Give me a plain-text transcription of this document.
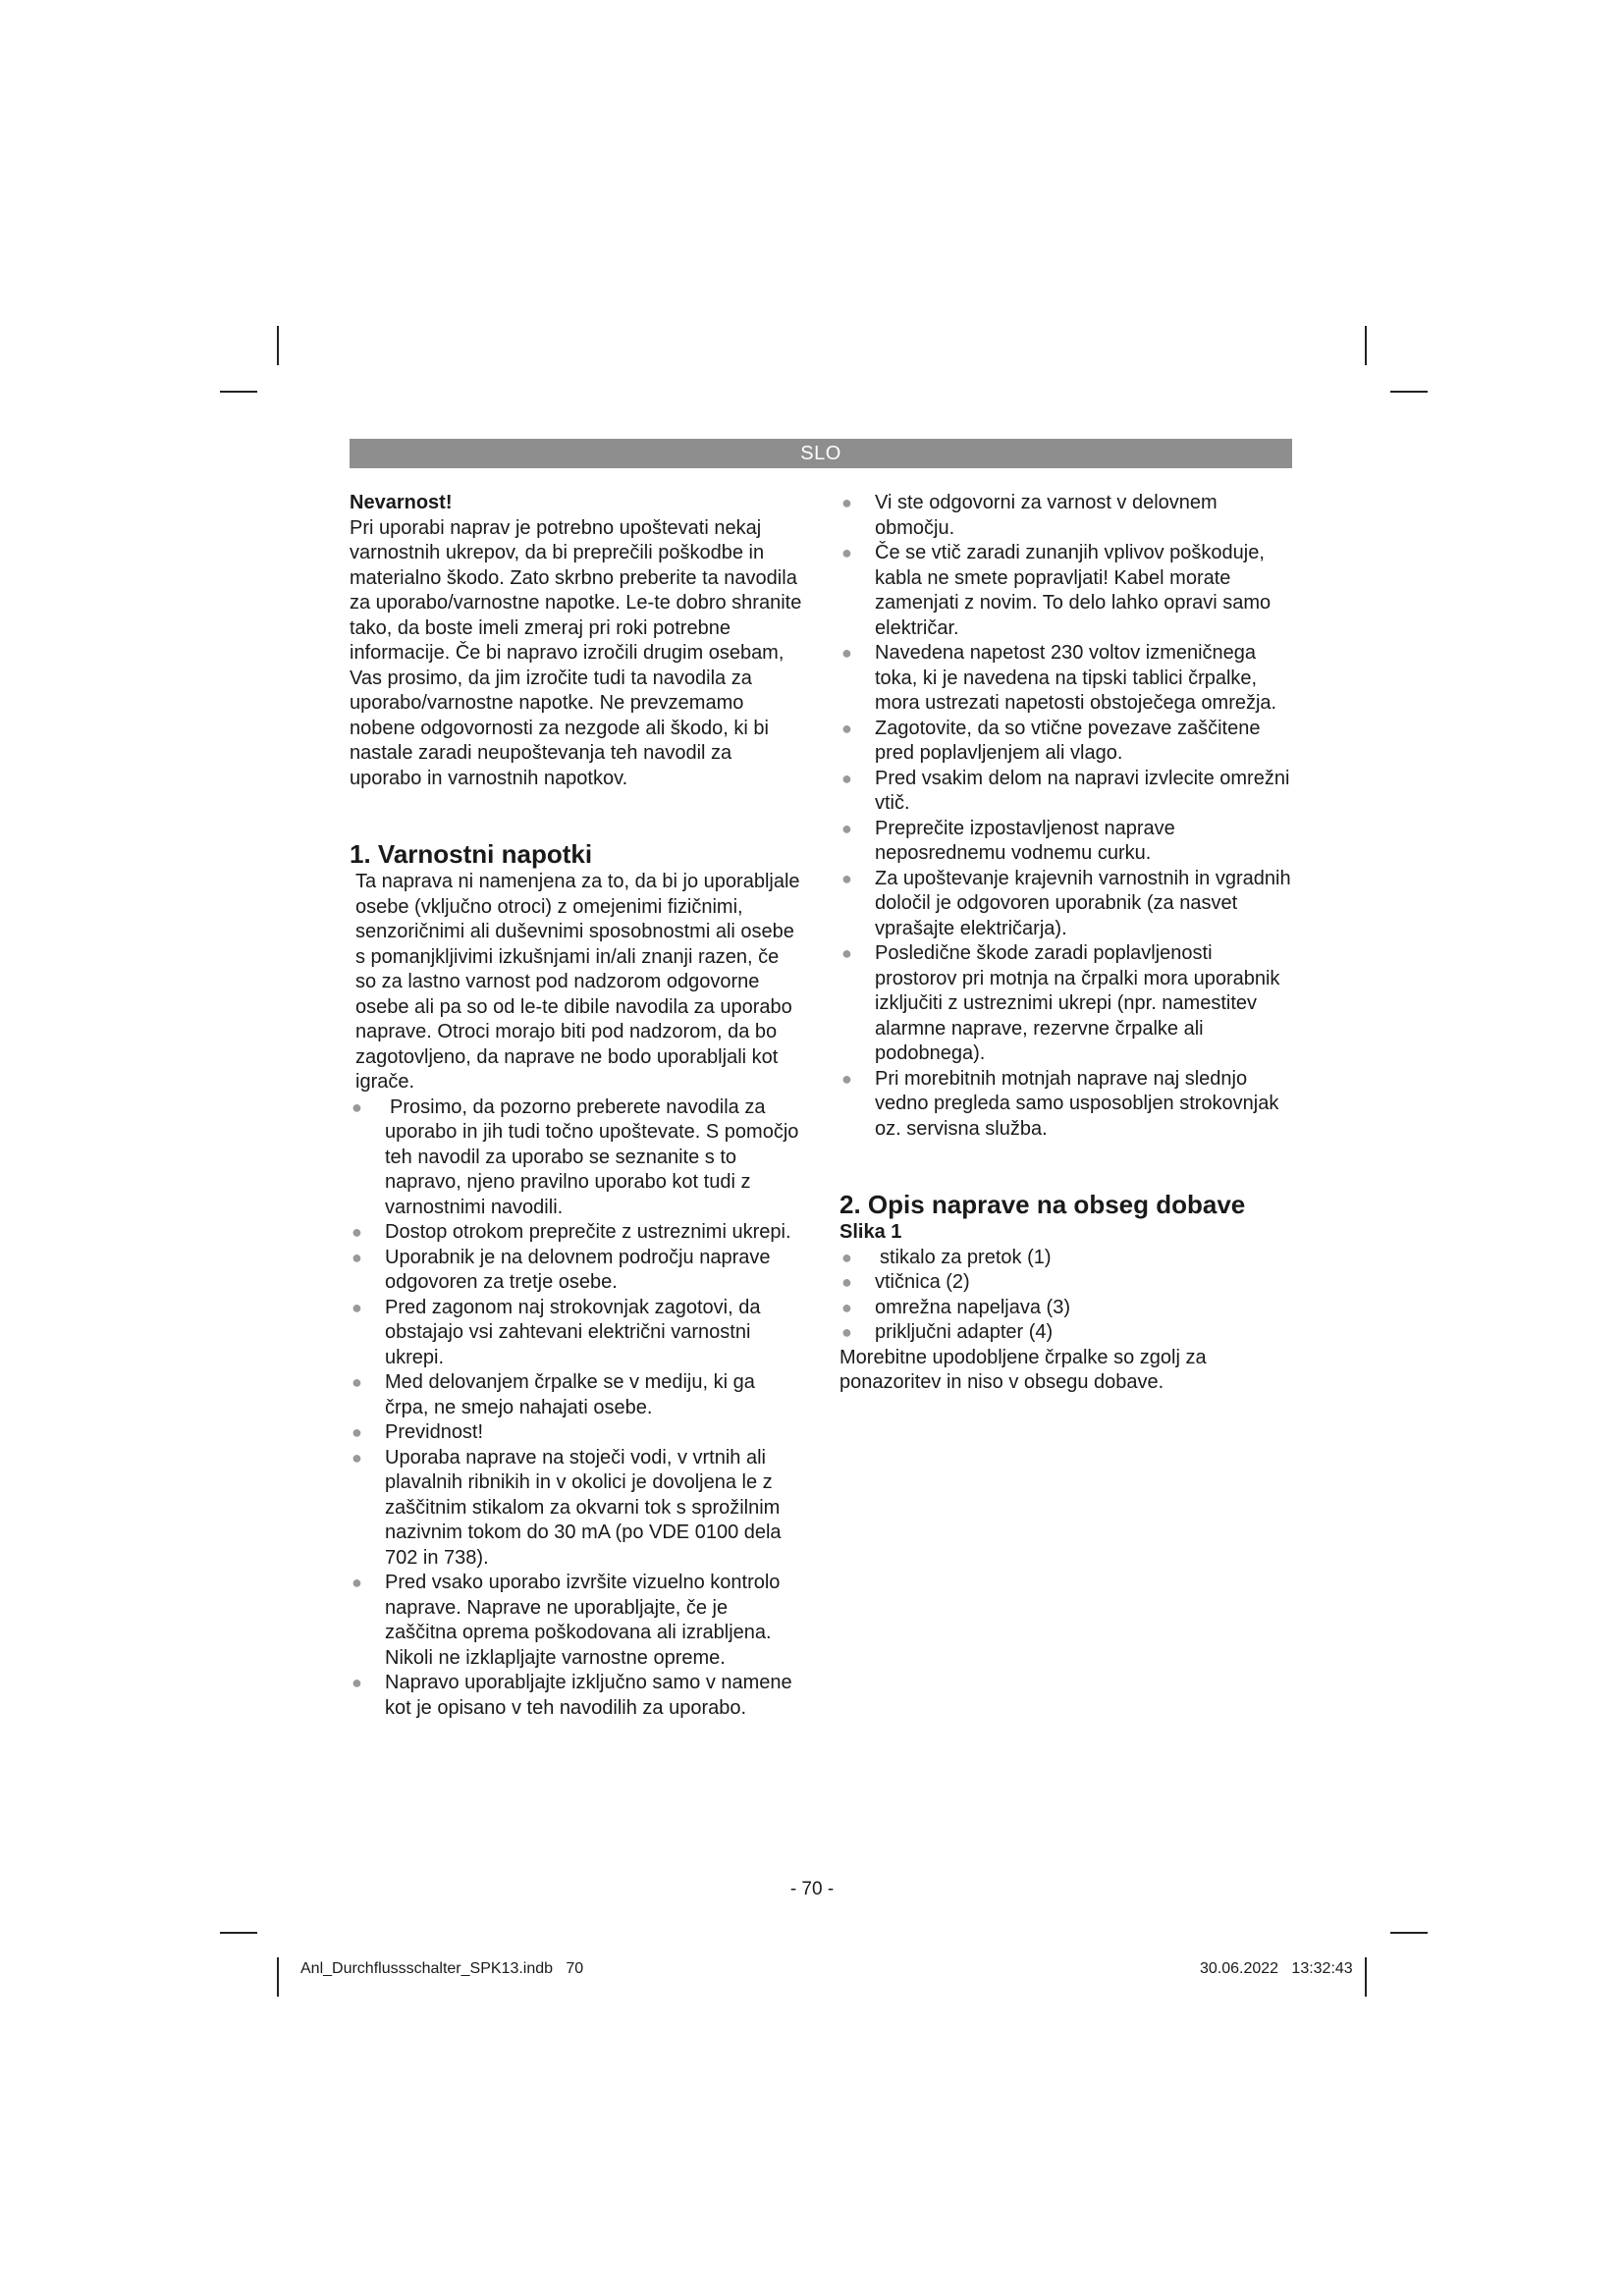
SLO

Nevarnost!

Pri uporabi naprav je potrebno upoštevati nekaj varnostnih ukrepov, da bi preprečili poškodbe in materialno škodo. Zato skrbno preberite ta navodila za uporabo/varnostne napotke. Le-te dobro shranite tako, da boste imeli zmeraj pri roki potrebne informacije. Če bi napravo izročili drugim osebam, Vas prosimo, da jim izročite tudi ta navodila za uporabo/varnostne napotke. Ne prevzemamo nobene odgovornosti za nezgode ali škodo, ki bi nastale zaradi neupoštevanja teh navodil za uporabo in varnostnih napotkov.

1. Varnostni napotki

Ta naprava ni namenjena za to, da bi jo uporabljale osebe (vključno otroci) z omejenimi fizičnimi, senzoričnimi ali duševnimi sposobnostmi ali osebe s pomanjkljivimi izkušnjami in/ali znanji razen, če so za lastno varnost pod nadzorom odgovorne osebe ali pa so od le-te dibile navodila za uporabo naprave. Otroci morajo biti pod nadzorom, da bo zagotovljeno, da naprave ne bodo uporabljali kot igrače.

● Prosimo, da pozorno preberete navodila za uporabo in jih tudi točno upoštevate. S pomočjo teh navodil za uporabo se seznanite s to napravo, njeno pravilno uporabo kot tudi z varnostnimi navodili.
● Dostop otrokom preprečite z ustreznimi ukrepi.
● Uporabnik je na delovnem področju naprave odgovoren za tretje osebe.
● Pred zagonom naj strokovnjak zagotovi, da obstajajo vsi zahtevani električni varnostni ukrepi.
● Med delovanjem črpalke se v mediju, ki ga črpa, ne smejo nahajati osebe.
● Previdnost!
● Uporaba naprave na stoječi vodi, v vrtnih ali plavalnih ribnikih in v okolici je dovoljena le z zaščitnim stikalom za okvarni tok s sprožilnim nazivnim tokom do 30 mA (po VDE 0100 dela 702 in 738).
● Pred vsako uporabo izvršite vizuelno kontrolo naprave. Naprave ne uporabljajte, če je zaščitna oprema poškodovana ali izrabljena. Nikoli ne izklapljajte varnostne opreme.
● Napravo uporabljajte izključno samo v namene kot je opisano v teh navodilih za uporabo.
● Vi ste odgovorni za varnost v delovnem območju.
● Če se vtič zaradi zunanjih vplivov poškoduje, kabla ne smete popravljati! Kabel morate zamenjati z novim. To delo lahko opravi samo električar.
● Navedena napetost 230 voltov izmeničnega toka, ki je navedena na tipski tablici črpalke, mora ustrezati napetosti obstoječega omrežja.
● Zagotovite, da so vtične povezave zaščitene pred poplavljenjem ali vlago.
● Pred vsakim delom na napravi izvlecite omrežni vtič.
● Preprečite izpostavljenost naprave neposrednemu vodnemu curku.
● Za upoštevanje krajevnih varnostnih in vgradnih določil je odgovoren uporabnik (za nasvet vprašajte električarja).
● Posledične škode zaradi poplavljenosti prostorov pri motnja na črpalki mora uporabnik izključiti z ustreznimi ukrepi (npr. namestitev alarmne naprave, rezervne črpalke ali podobnega).
● Pri morebitnih motnjah naprave naj slednjo vedno pregleda samo usposobljen strokovnjak oz. servisna služba.
2. Opis naprave na obseg dobave

Slika 1

● stikalo za pretok (1)
● vtičnica (2)
● omrežna napeljava (3)
● priključni adapter (4)

Morebitne upodobljene črpalke so zgolj za ponazoritev in niso v obsegu dobave.

- 70 -
Anl_Durchflussschalter_SPK13.indb   70	30.06.2022   13:32:43
